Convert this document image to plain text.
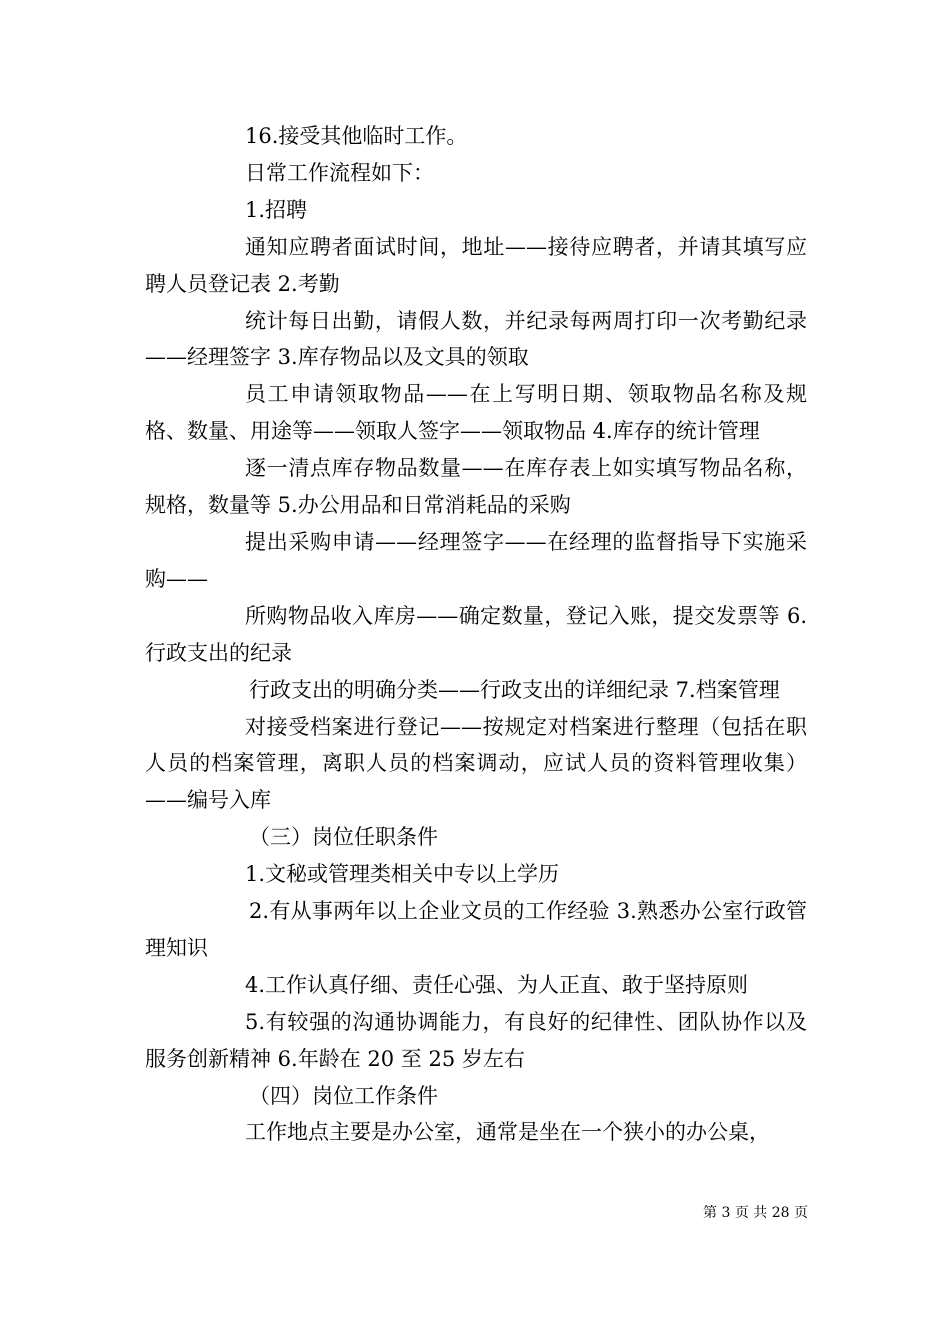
16.接受其他临时工作。

日常工作流程如下：

1.招聘

通知应聘者面试时间，地址——接待应聘者，并请其填写应聘人员登记表 2.考勤

统计每日出勤，请假人数，并纪录每两周打印一次考勤纪录——经理签字 3.库存物品以及文具的领取

员工申请领取物品——在上写明日期、领取物品名称及规格、数量、用途等——领取人签字——领取物品 4.库存的统计管理

逐一清点库存物品数量——在库存表上如实填写物品名称，规格，数量等 5.办公用品和日常消耗品的采购

提出采购申请——经理签字——在经理的监督指导下实施采购——

所购物品收入库房——确定数量，登记入账，提交发票等 6.行政支出的纪录

行政支出的明确分类——行政支出的详细纪录 7.档案管理

对接受档案进行登记——按规定对档案进行整理（包括在职人员的档案管理，离职人员的档案调动，应试人员的资料管理收集）——编号入库

（三）岗位任职条件

1.文秘或管理类相关中专以上学历

2.有从事两年以上企业文员的工作经验 3.熟悉办公室行政管理知识

4.工作认真仔细、责任心强、为人正直、敢于坚持原则

5.有较强的沟通协调能力，有良好的纪律性、团队协作以及服务创新精神 6.年龄在 20 至 25 岁左右

（四）岗位工作条件

工作地点主要是办公室，通常是坐在一个狭小的办公桌，

第 3 页 共 28 页
